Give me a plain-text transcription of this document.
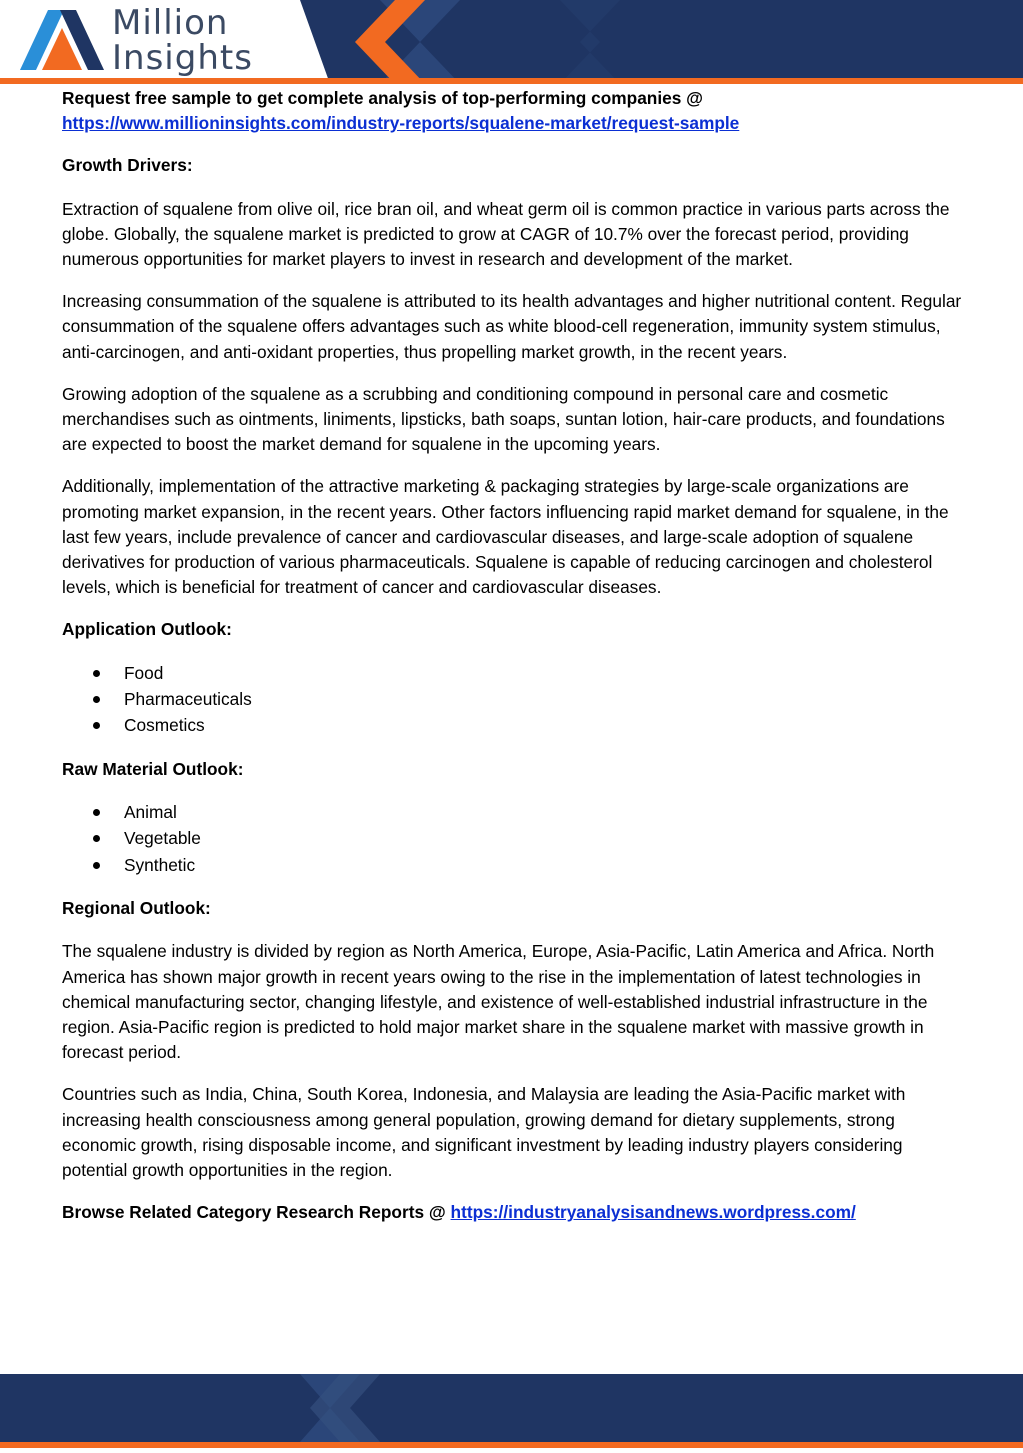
Million
Insights

Request free sample to get complete analysis of top-performing companies @
https://www.millioninsights.com/industry-reports/squalene-market/request-sample

Growth Drivers:

Extraction of squalene from olive oil, rice bran oil, and wheat germ oil is common practice in various parts across the globe. Globally, the squalene market is predicted to grow at CAGR of 10.7% over the forecast period, providing numerous opportunities for market players to invest in research and development of the market.

Increasing consummation of the squalene is attributed to its health advantages and higher nutritional content. Regular consummation of the squalene offers advantages such as white blood-cell regeneration, immunity system stimulus, anti-carcinogen, and anti-oxidant properties, thus propelling market growth, in the recent years.

Growing adoption of the squalene as a scrubbing and conditioning compound in personal care and cosmetic merchandises such as ointments, liniments, lipsticks, bath soaps, suntan lotion, hair-care products, and foundations are expected to boost the market demand for squalene in the upcoming years.

Additionally, implementation of the attractive marketing & packaging strategies by large-scale organizations are promoting market expansion, in the recent years. Other factors influencing rapid market demand for squalene, in the last few years, include prevalence of cancer and cardiovascular diseases, and large-scale adoption of squalene derivatives for production of various pharmaceuticals. Squalene is capable of reducing carcinogen and cholesterol levels, which is beneficial for treatment of cancer and cardiovascular diseases.

Application Outlook:
Food
Pharmaceuticals
Cosmetics
Raw Material Outlook:
Animal
Vegetable
Synthetic
Regional Outlook:

The squalene industry is divided by region as North America, Europe, Asia-Pacific, Latin America and Africa. North America has shown major growth in recent years owing to the rise in the implementation of latest technologies in chemical manufacturing sector, changing lifestyle, and existence of well-established industrial infrastructure in the region. Asia-Pacific region is predicted to hold major market share in the squalene market with massive growth in forecast period.

Countries such as India, China, South Korea, Indonesia, and Malaysia are leading the Asia-Pacific market with increasing health consciousness among general population, growing demand for dietary supplements, strong economic growth, rising disposable income, and significant investment by leading industry players considering potential growth opportunities in the region.

Browse Related Category Research Reports @ https://industryanalysisandnews.wordpress.com/
